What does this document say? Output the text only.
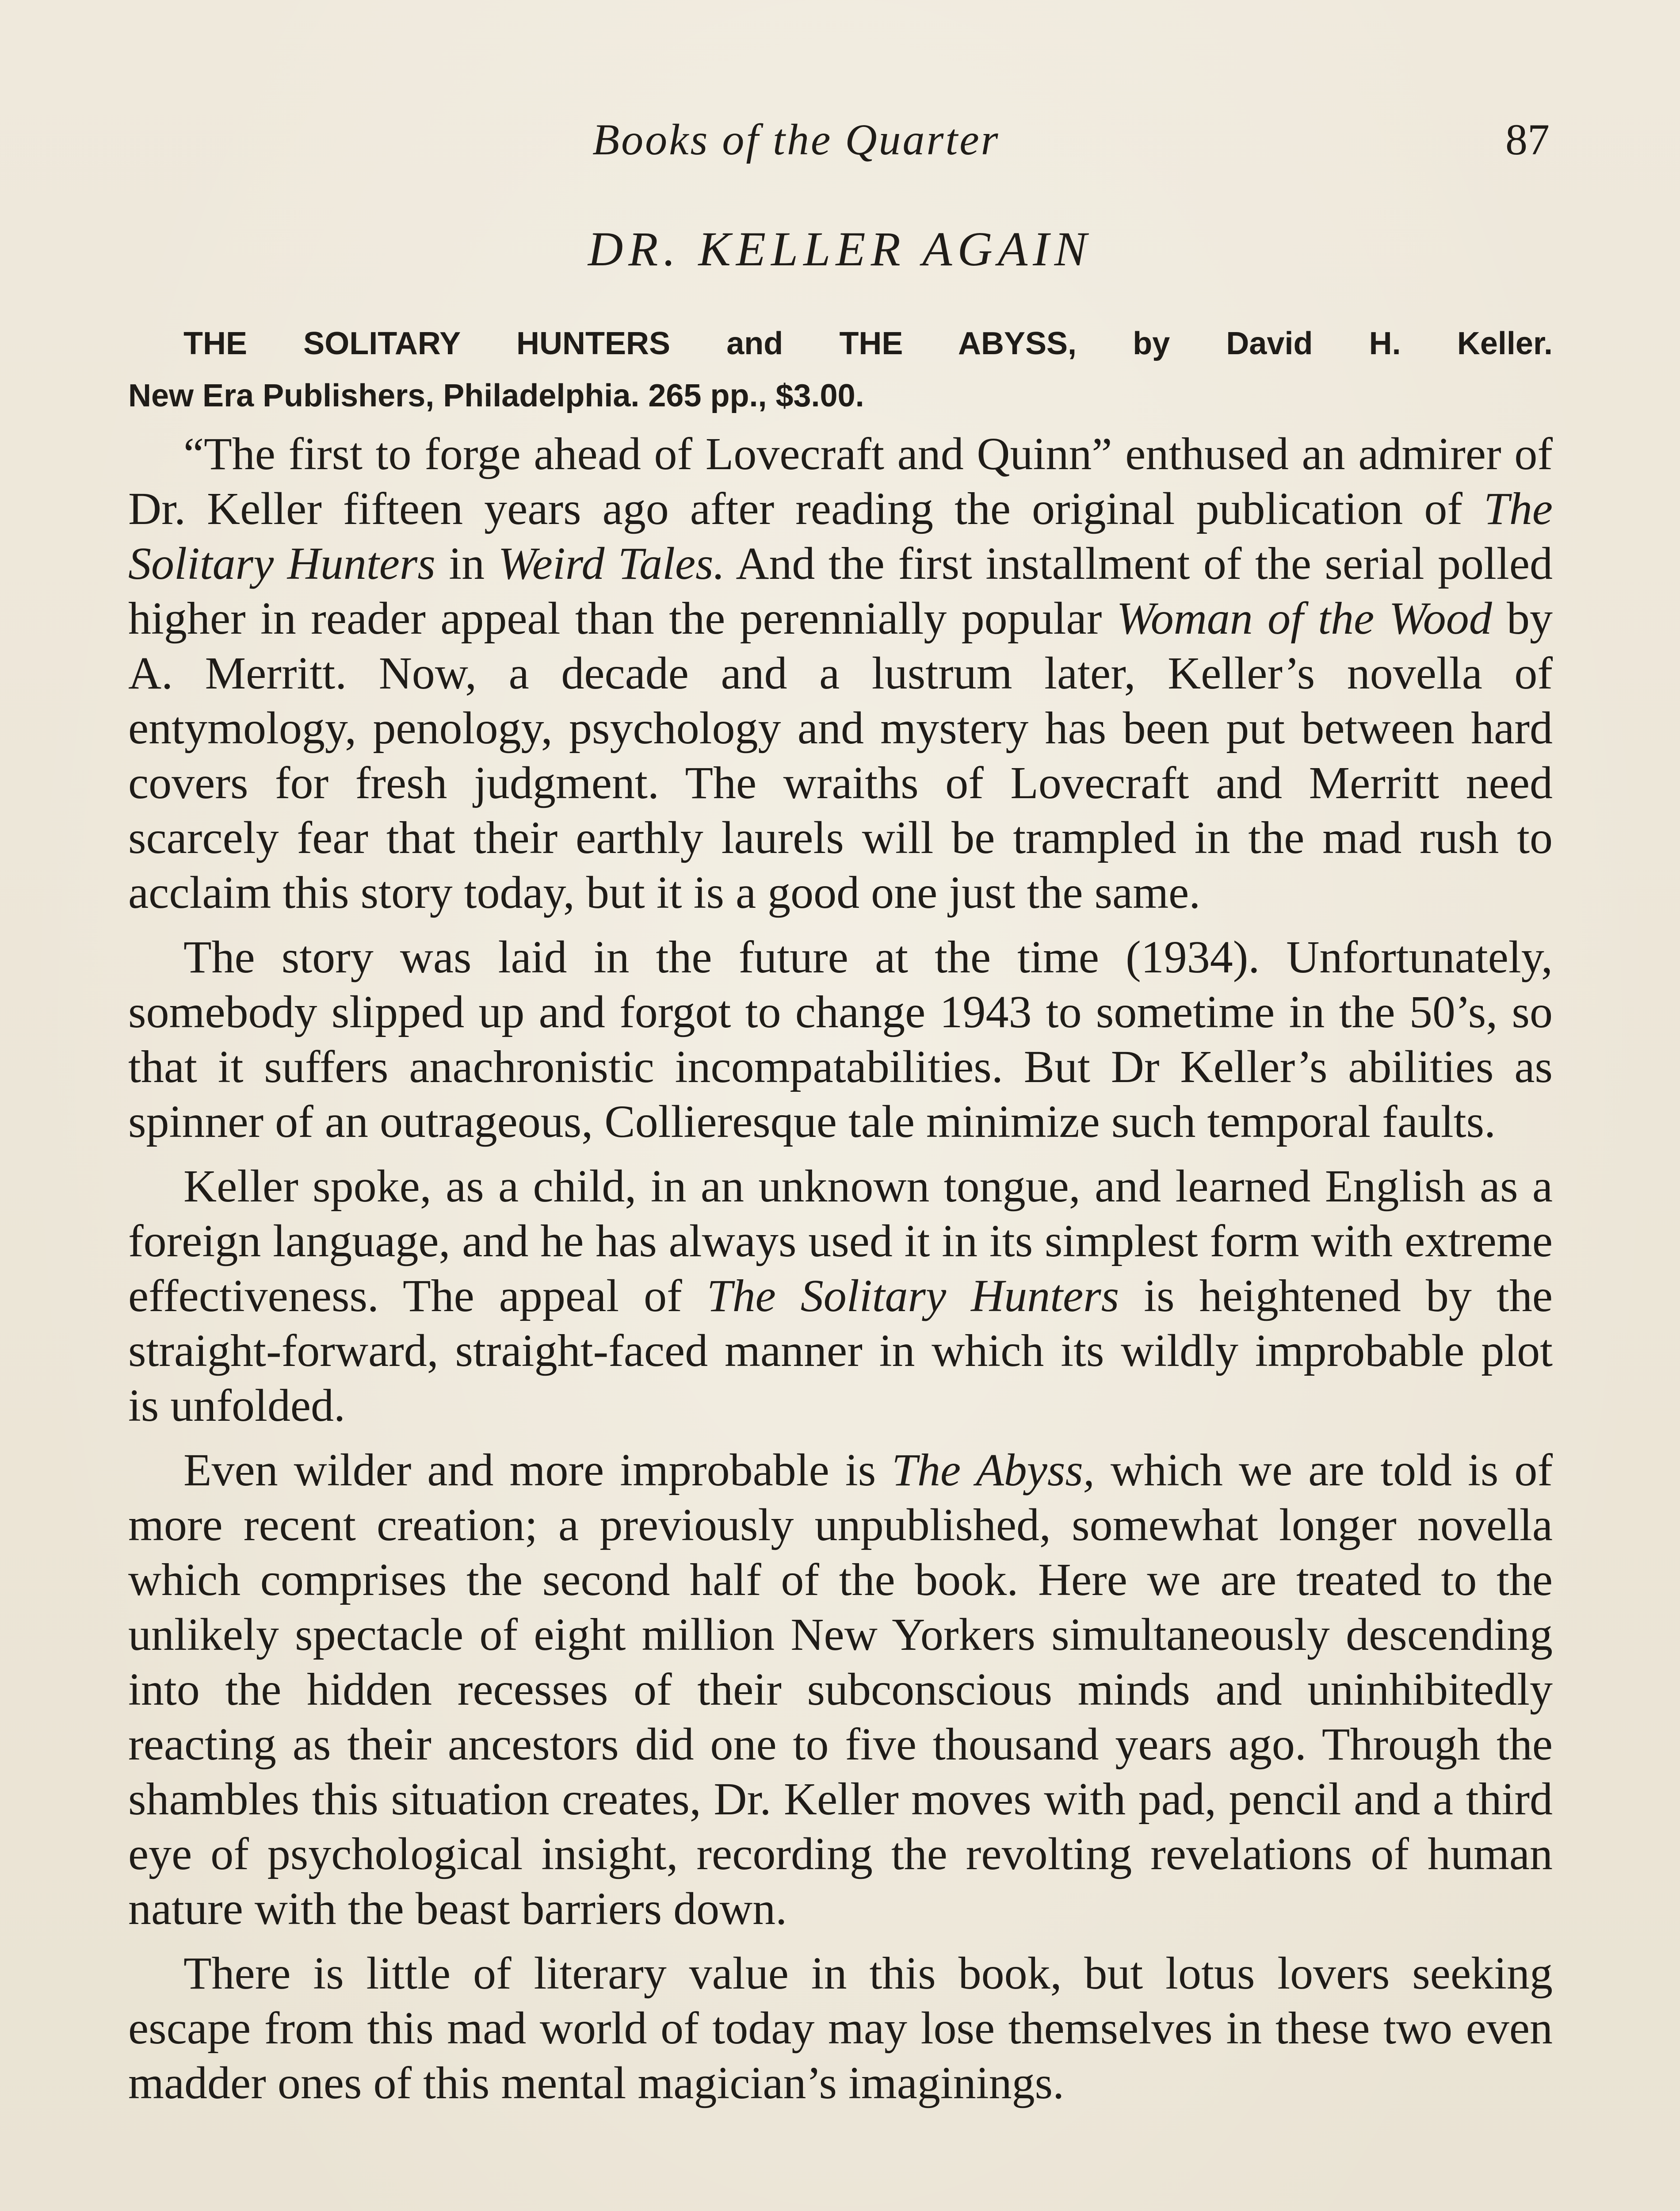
Books of the Quarter	87
DR. KELLER AGAIN
THE SOLITARY HUNTERS and THE ABYSS, by David H. Keller.
New Era Publishers, Philadelphia. 265 pp., $3.00.

“The first to forge ahead of Lovecraft and Quinn” enthused an admirer of Dr. Keller fifteen years ago after reading the original publication of The Solitary Hunters in Weird Tales. And the first installment of the serial polled higher in reader appeal than the perennially popular Woman of the Wood by A. Merritt. Now, a decade and a lustrum later, Keller’s novella of entymology, penology, psychology and mystery has been put between hard covers for fresh judgment. The wraiths of Lovecraft and Merritt need scarcely fear that their earthly laurels will be trampled in the mad rush to acclaim this story today, but it is a good one just the same.

The story was laid in the future at the time (1934). Unfortunately, somebody slipped up and forgot to change 1943 to sometime in the 50’s, so that it suffers anachronistic incompatabilities. But Dr Keller’s abilities as spinner of an outrageous, Collieresque tale minimize such temporal faults.

Keller spoke, as a child, in an unknown tongue, and learned English as a foreign language, and he has always used it in its simplest form with extreme effectiveness. The appeal of The Solitary Hunters is heightened by the straight-forward, straight-faced manner in which its wildly improbable plot is unfolded.

Even wilder and more improbable is The Abyss, which we are told is of more recent creation; a previously unpublished, somewhat longer novella which comprises the second half of the book. Here we are treated to the unlikely spectacle of eight million New Yorkers simultaneously descending into the hidden recesses of their subconscious minds and uninhibitedly reacting as their ancestors did one to five thousand years ago. Through the shambles this situation creates, Dr. Keller moves with pad, pencil and a third eye of psychological insight, recording the revolting revelations of human nature with the beast barriers down.

There is little of literary value in this book, but lotus lovers seeking escape from this mad world of today may lose themselves in these two even madder ones of this mental magician’s imaginings.
